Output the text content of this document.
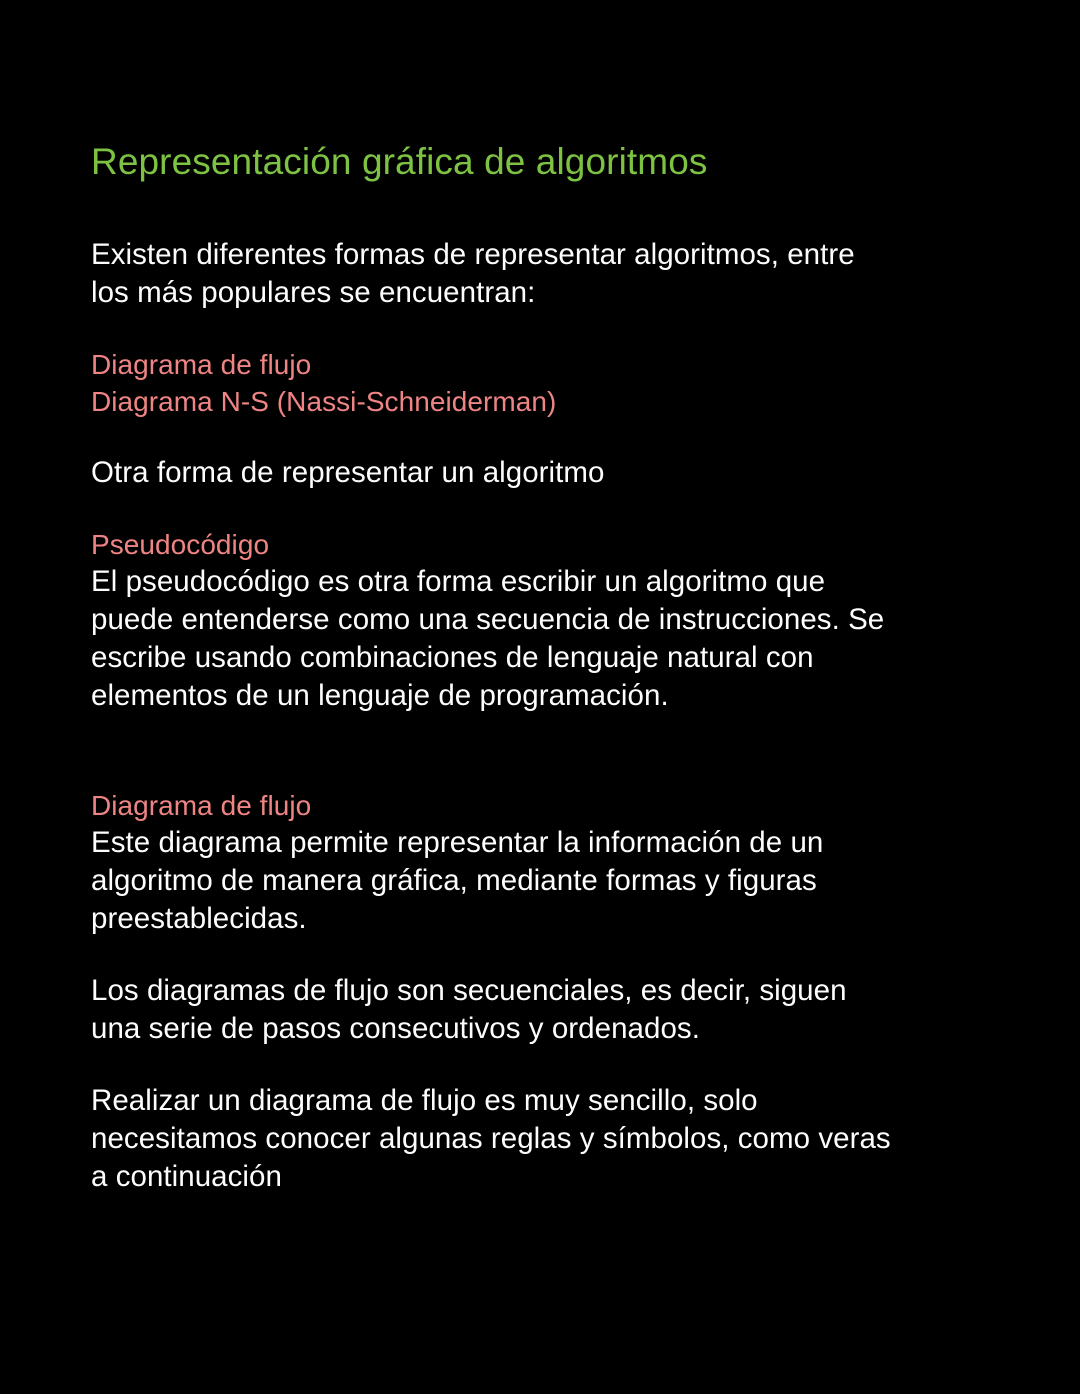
Representación gráfica de algoritmos

Existen diferentes formas de representar algoritmos, entre
los más populares se encuentran:

Diagrama de flujo

Diagrama N-S (Nassi-Schneiderman)

Otra forma de representar un algoritmo

Pseudocódigo

El pseudocódigo es otra forma escribir un algoritmo que
puede entenderse como una secuencia de instrucciones. Se
escribe usando combinaciones de lenguaje natural con
elementos de un lenguaje de programación.

Diagrama de flujo

Este diagrama permite representar la información de un
algoritmo de manera gráfica, mediante formas y figuras
preestablecidas.

Los diagramas de flujo son secuenciales, es decir, siguen
una serie de pasos consecutivos y ordenados.

Realizar un diagrama de flujo es muy sencillo, solo
necesitamos conocer algunas reglas y símbolos, como veras
a continuación
